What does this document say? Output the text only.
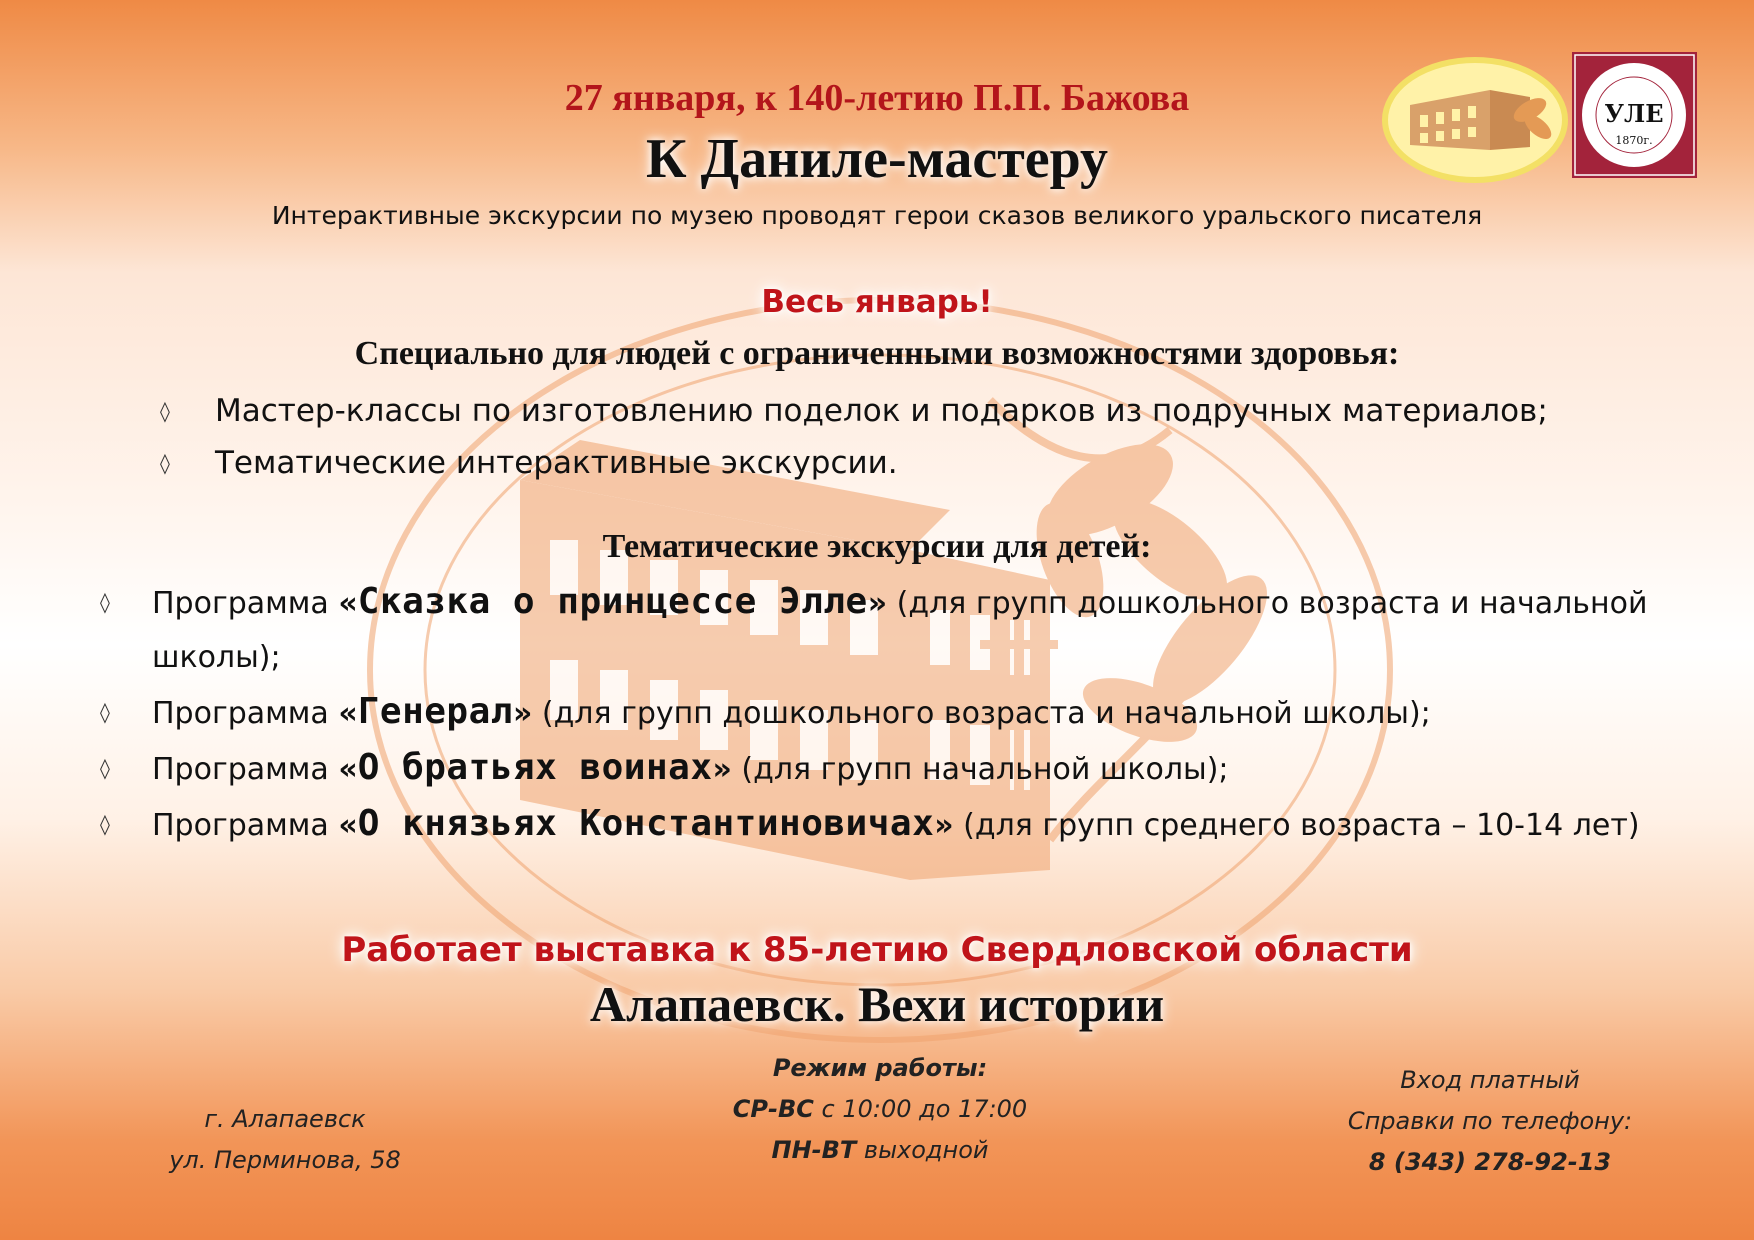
УЛЕ
1870г.
27 января, к 140-летию П.П. Бажова
К Даниле-мастеру
Интерактивные экскурсии по музею проводят герои сказов великого уральского писателя
Весь январь!
Специально для людей с ограниченными возможностями здоровья:
◊ Мастер-классы по изготовлению поделок и подарков из подручных материалов;
◊ Тематические интерактивные экскурсии.
Тематические экскурсии для детей:
◊ Программа «Сказка о принцессе Элле» (для групп дошкольного возраста и начальной школы);
◊ Программа «Генерал» (для групп дошкольного возраста и начальной школы);
◊ Программа «О братьях воинах» (для групп начальной школы);
◊ Программа «О князьях Константиновичах» (для групп среднего возраста – 10-14 лет)
Работает выставка к 85-летию Свердловской области
Алапаевск. Вехи истории
г. Алапаевск
ул. Перминова, 58
Режим работы:
СР-ВС с 10:00 до 17:00
ПН-ВТ выходной
Вход платный
Справки по телефону:
8 (343) 278-92-13
